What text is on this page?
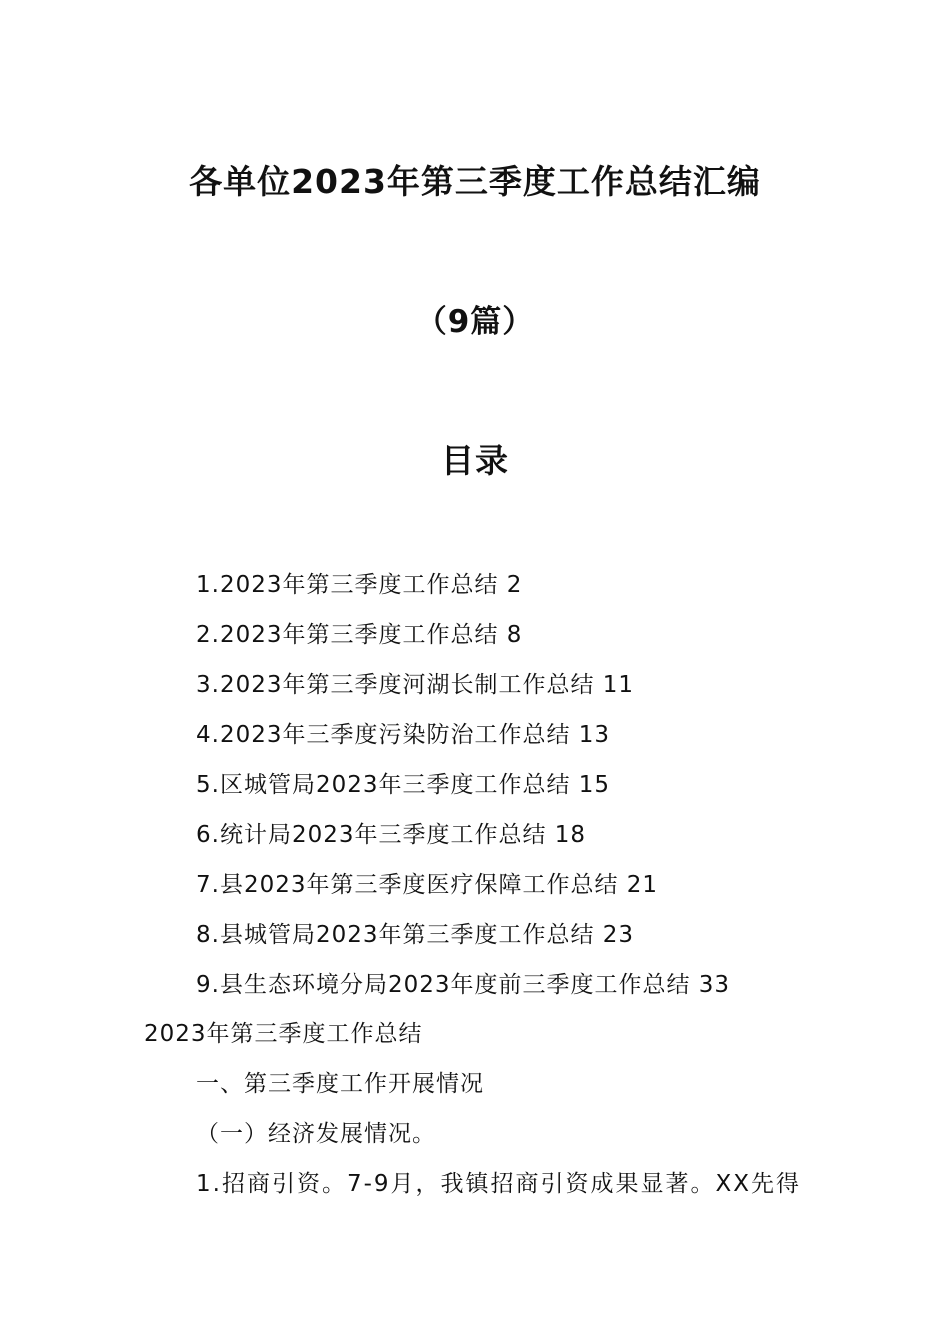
各单位2023年第三季度工作总结汇编
（9篇）
目录
1.2023年第三季度工作总结 2
2.2023年第三季度工作总结 8
3.2023年第三季度河湖长制工作总结 11
4.2023年三季度污染防治工作总结 13
5.区城管局2023年三季度工作总结 15
6.统计局2023年三季度工作总结 18
7.县2023年第三季度医疗保障工作总结 21
8.县城管局2023年第三季度工作总结 23
9.县生态环境分局2023年度前三季度工作总结 33
2023年第三季度工作总结
一、第三季度工作开展情况
（一）经济发展情况。
1.招商引资。7-9月，我镇招商引资成果显著。XX先得
